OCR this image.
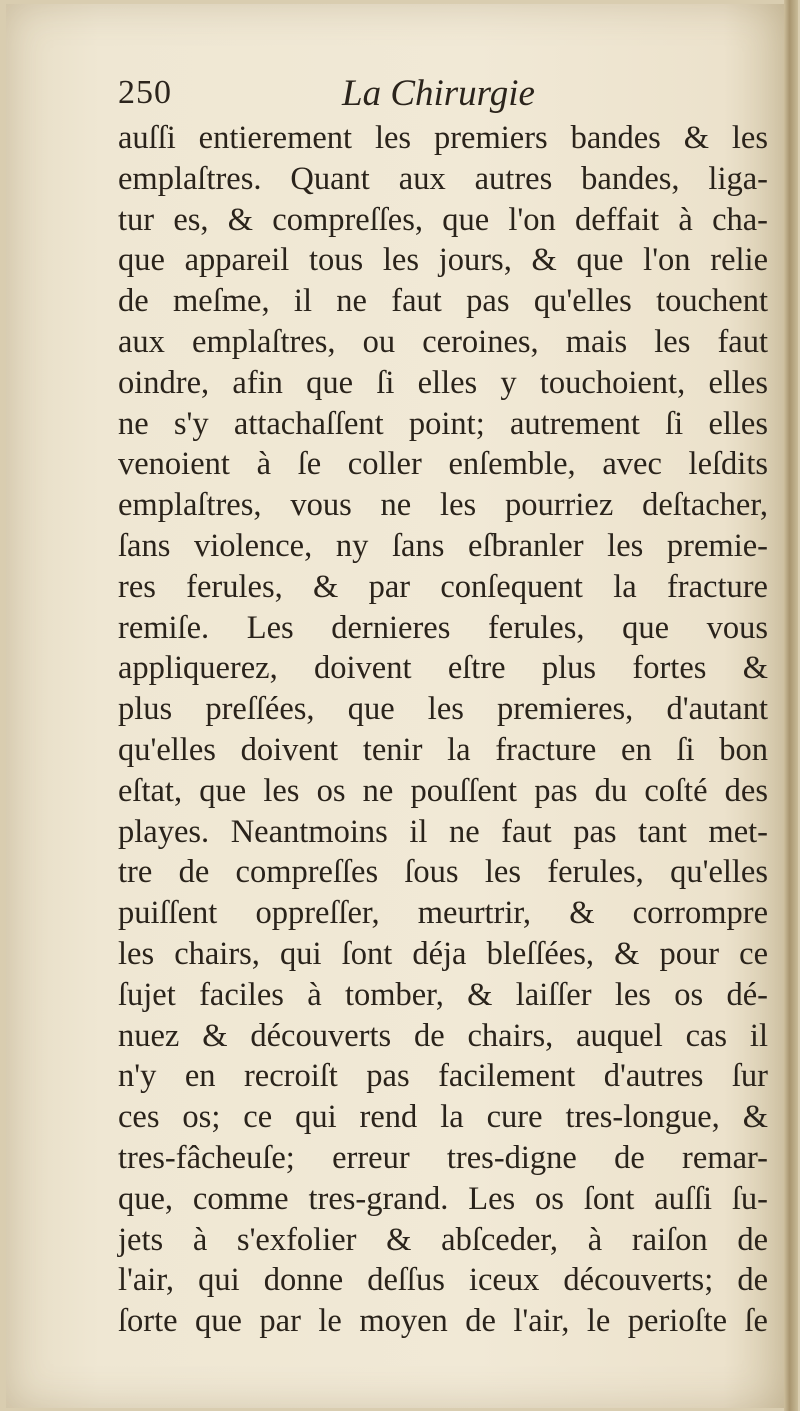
250	La Chirurgie
auſſi entierement les premiers bandes & les
emplaſtres. Quant aux autres bandes, liga-
tur es, & compreſſes, que l'on deffait à cha-
que appareil tous les jours, & que l'on relie
de meſme, il ne faut pas qu'elles touchent
aux emplaſtres, ou ceroines, mais les faut
oindre, afin que ſi elles y touchoient, elles
ne s'y attachaſſent point; autrement ſi elles
venoient à ſe coller enſemble, avec leſdits
emplaſtres, vous ne les pourriez deſtacher,
ſans violence, ny ſans eſbranler les premie-
res ferules, & par conſequent la fracture
remiſe. Les dernieres ferules, que vous
appliquerez, doivent eſtre plus fortes &
plus preſſées, que les premieres, d'autant
qu'elles doivent tenir la fracture en ſi bon
eſtat, que les os ne pouſſent pas du coſté des
playes. Neantmoins il ne faut pas tant met-
tre de compreſſes ſous les ferules, qu'elles
puiſſent oppreſſer, meurtrir, & corrompre
les chairs, qui ſont déja bleſſées, & pour ce
ſujet faciles à tomber, & laiſſer les os dé-
nuez & découverts de chairs, auquel cas il
n'y en recroiſt pas facilement d'autres ſur
ces os; ce qui rend la cure tres-longue, &
tres-fâcheuſe; erreur tres-digne de remar-
que, comme tres-grand. Les os ſont auſſi ſu-
jets à s'exfolier & abſceder, à raiſon de
l'air, qui donne deſſus iceux découverts; de
ſorte que par le moyen de l'air, le perioſte ſe
